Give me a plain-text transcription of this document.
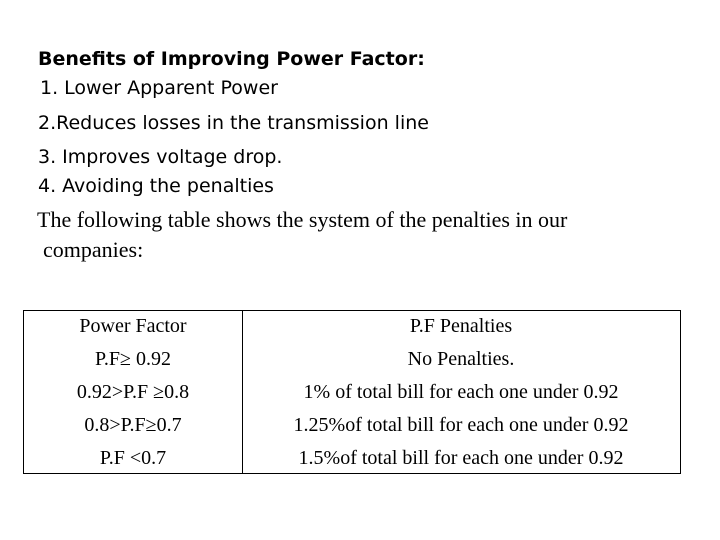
Benefits of Improving Power Factor:
1. Lower Apparent Power
2.Reduces losses in the transmission line
3. Improves voltage drop.
4. Avoiding the penalties
The following table shows the system of the penalties in our
companies:
Power Factor
P.F≥ 0.92
0.92>P.F ≥0.8
0.8>P.F≥0.7
P.F <0.7
P.F Penalties
No Penalties.
1% of total bill for each one under 0.92
1.25%of total bill for each one under 0.92
1.5%of total bill for each one under 0.92
